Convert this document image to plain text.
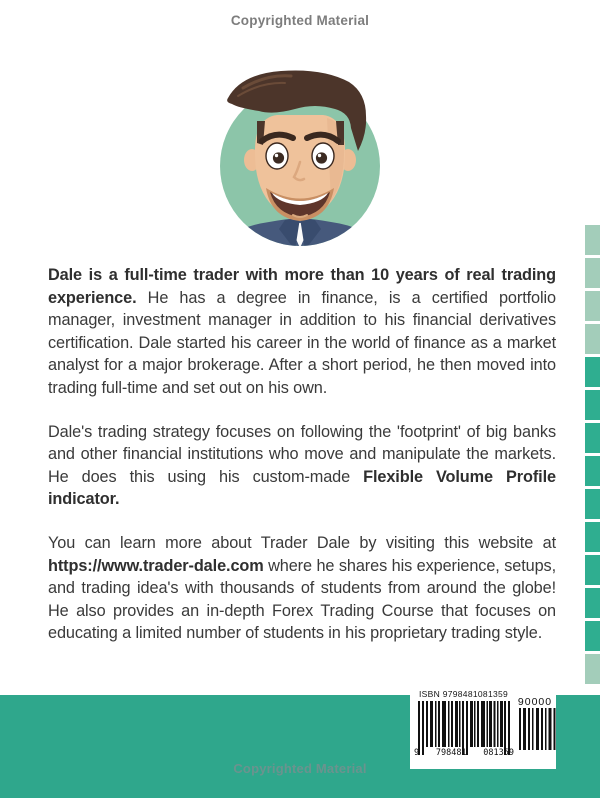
Copyrighted Material

Dale is a full-time trader with more than 10 years of real trading experience. He has a degree in finance, is a certified portfolio manager, investment manager in addition to his financial derivatives certification. Dale started his career in the world of finance as a market analyst for a major brokerage. After a short period, he then moved into trading full-time and set out on his own.

Dale's trading strategy focuses on following the 'footprint' of big banks and other financial institutions who move and manipulate the markets. He does this using his custom-made Flexible Volume Profile indicator.

You can learn more about Trader Dale by visiting this website at https://www.trader-dale.com where he shares his experience, setups, and trading idea's with thousands of students from around the globe! He also provides an in-depth Forex Trading Course that focuses on educating a limited number of students in his proprietary trading style.

ISBN 9798481081359
9 798481 081359
90000
Copyrighted Material
